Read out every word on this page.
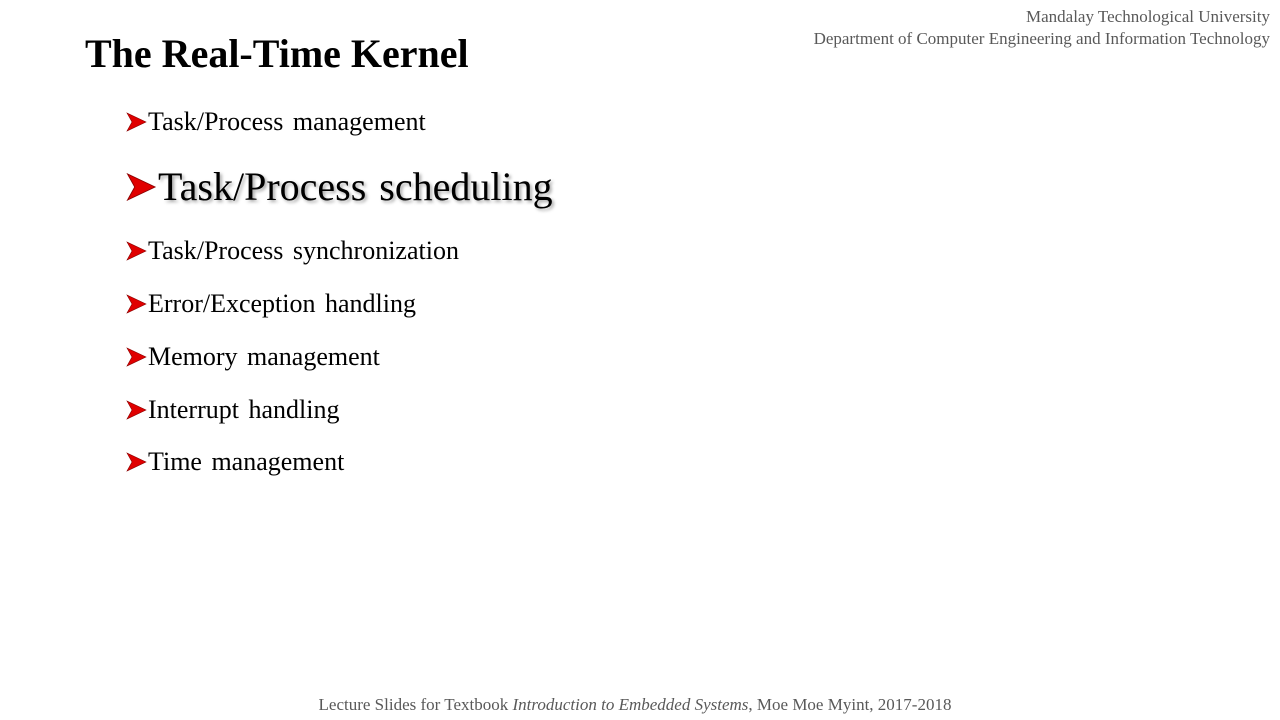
Mandalay Technological University
Department of Computer Engineering and Information Technology
The Real-Time Kernel
Task/Process management
Task/Process scheduling
Task/Process synchronization
Error/Exception handling
Memory management
Interrupt handling
Time management
Lecture Slides for Textbook Introduction to Embedded Systems, Moe Moe Myint, 2017-2018
